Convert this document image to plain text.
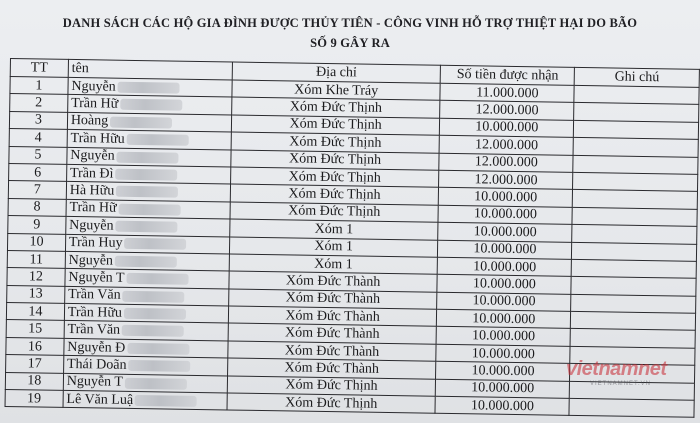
DANH SÁCH CÁC HỘ GIA ĐÌNH ĐƯỢC THỦY TIÊN - CÔNG VINH HỖ TRỢ THIỆT HẠI DO BÃO
SỐ 9 GÂY RA
TT	tên	Địa chỉ	Số tiền được nhận	Ghi chú
1	Nguyễn	Xóm Khe Tráy	11.000.000	
2	Trần Hữ	Xóm Đức Thịnh	12.000.000	
3	Hoàng	Xóm Đức Thịnh	10.000.000	
4	Trần Hữu	Xóm Đức Thịnh	12.000.000	
5	Nguyễn	Xóm Đức Thịnh	12.000.000	
6	Trần Đì	Xóm Đức Thịnh	12.000.000	
7	Hà Hữu	Xóm Đức Thịnh	10.000.000	
8	Trần Hữ	Xóm Đức Thịnh	10.000.000	
9	Nguyễn	Xóm 1	10.000.000	
10	Trần Huy	Xóm 1	10.000.000	
11	Nguyễn	Xóm 1	10.000.000	
12	Nguyễn T	Xóm Đức Thành	10.000.000	
13	Trần Văn	Xóm Đức Thành	10.000.000	
14	Trần Hữu	Xóm Đức Thành	10.000.000	
15	Trần Văn	Xóm Đức Thành	10.000.000	
16	Nguyễn Đ	Xóm Đức Thành	10.000.000	
17	Thái Doãn	Xóm Đức Thành	10.000.000	
18	Nguyễn T	Xóm Đức Thịnh	10.000.000	
19	Lê Văn Luậ	Xóm Đức Thịnh	10.000.000	
vietnamnet
VIETNAMNET.VN
